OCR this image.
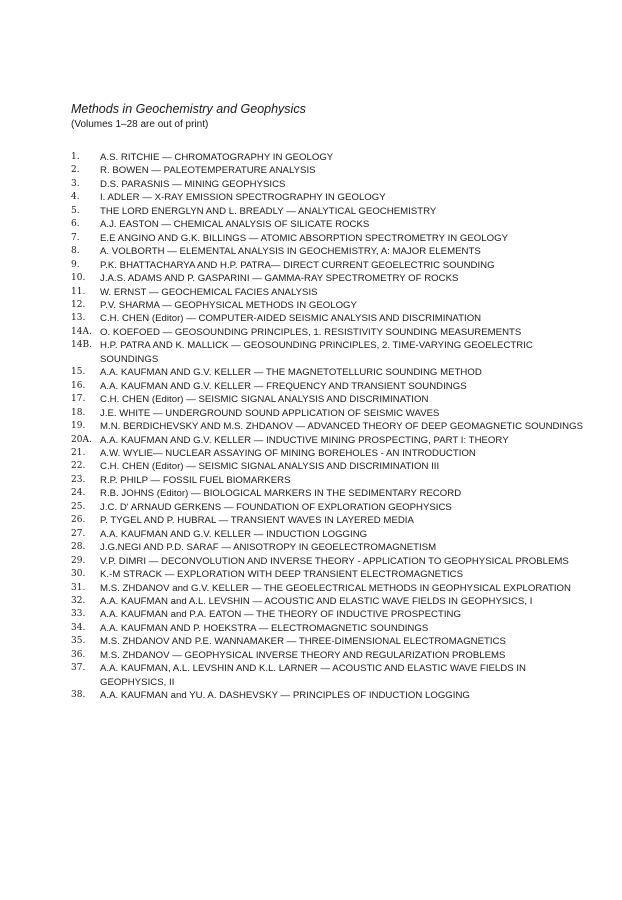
Methods in Geochemistry and Geophysics

(Volumes 1–28 are out of print)

1.	A.S. RITCHIE — CHROMATOGRAPHY IN GEOLOGY
2.	R. BOWEN — PALEOTEMPERATURE ANALYSIS
3.	D.S. PARASNIS — MINING GEOPHYSICS
4.	I. ADLER — X-RAY EMISSION SPECTROGRAPHY IN GEOLOGY
5.	THE LORD ENERGLYN AND L. BREADLY — ANALYTICAL GEOCHEMISTRY
6.	A.J. EASTON — CHEMICAL ANALYSIS OF SILICATE ROCKS
7.	E.E ANGINO AND G.K. BILLINGS — ATOMIC ABSORPTION SPECTROMETRY IN GEOLOGY
8.	A. VOLBORTH — ELEMENTAL ANALYSIS IN GEOCHEMISTRY, A: MAJOR ELEMENTS
9.	P.K. BHATTACHARYA AND H.P. PATRA— DIRECT CURRENT GEOELECTRIC SOUNDING
10.	J.A.S. ADAMS AND P. GASPARINI — GAMMA-RAY SPECTROMETRY OF ROCKS
11.	W. ERNST — GEOCHEMICAL FACIES ANALYSIS
12.	P.V. SHARMA — GEOPHYSICAL METHODS IN GEOLOGY
13.	C.H. CHEN (Editor) — COMPUTER-AIDED SEISMIC ANALYSIS AND DISCRIMINATION
14A. O. KOEFOED — GEOSOUNDING PRINCIPLES, 1. RESISTIVITY SOUNDING MEASUREMENTS
14B. H.P. PATRA AND K. MALLICK — GEOSOUNDING PRINCIPLES, 2. TIME-VARYING GEOELECTRIC SOUNDINGS
15.	A.A. KAUFMAN AND G.V. KELLER — THE MAGNETOTELLURIC SOUNDING METHOD
16.	A.A. KAUFMAN AND G.V. KELLER — FREQUENCY AND TRANSIENT SOUNDINGS
17.	C.H. CHEN (Editor) — SEISMIC SIGNAL ANALYSIS AND DISCRIMINATION
18.	J.E. WHITE — UNDERGROUND SOUND APPLICATION OF SEISMIC WAVES
19.	M.N. BERDICHEVSKY AND M.S. ZHDANOV — ADVANCED THEORY OF DEEP GEOMAGNETIC SOUNDINGS
20A. A.A. KAUFMAN AND G.V. KELLER — INDUCTIVE MINING PROSPECTING, PART I: THEORY
21.	A.W. WYLIE— NUCLEAR ASSAYING OF MINING BOREHOLES - AN INTRODUCTION
22.	C.H. CHEN (Editor) — SEISMIC SIGNAL ANALYSIS AND DISCRIMINATION III
23.	R.P. PHILP — FOSSIL FUEL BIOMARKERS
24.	R.B. JOHNS (Editor) — BIOLOGICAL MARKERS IN THE SEDIMENTARY RECORD
25.	J.C. D' ARNAUD GERKENS — FOUNDATION OF EXPLORATION GEOPHYSICS
26.	P. TYGEL AND P. HUBRAL — TRANSIENT WAVES IN LAYERED MEDIA
27.	A.A. KAUFMAN AND G.V. KELLER — INDUCTION LOGGING
28.	J.G.NEGI AND P.D. SARAF — ANISOTROPY IN GEOELECTROMAGNETISM
29.	V.P. DIMRI — DECONVOLUTION AND INVERSE THEORY - APPLICATION TO GEOPHYSICAL PROBLEMS
30.	K.-M STRACK — EXPLORATION WITH DEEP TRANSIENT ELECTROMAGNETICS
31.	M.S. ZHDANOV and G.V. KELLER — THE GEOELECTRICAL METHODS IN GEOPHYSICAL EXPLORATION
32.	A.A. KAUFMAN and A.L. LEVSHIN — ACOUSTIC AND ELASTIC WAVE FIELDS IN GEOPHYSICS, I
33.	A.A. KAUFMAN and P.A. EATON — THE THEORY OF INDUCTIVE PROSPECTING
34.	A.A. KAUFMAN AND P. HOEKSTRA — ELECTROMAGNETIC SOUNDINGS
35.	M.S. ZHDANOV AND P.E. WANNAMAKER — THREE-DIMENSIONAL ELECTROMAGNETICS
36.	M.S. ZHDANOV — GEOPHYSICAL INVERSE THEORY AND REGULARIZATION PROBLEMS
37.	A.A. KAUFMAN, A.L. LEVSHIN AND K.L. LARNER — ACOUSTIC AND ELASTIC WAVE FIELDS IN GEOPHYSICS, II
38.	A.A. KAUFMAN and YU. A. DASHEVSKY — PRINCIPLES OF INDUCTION LOGGING
